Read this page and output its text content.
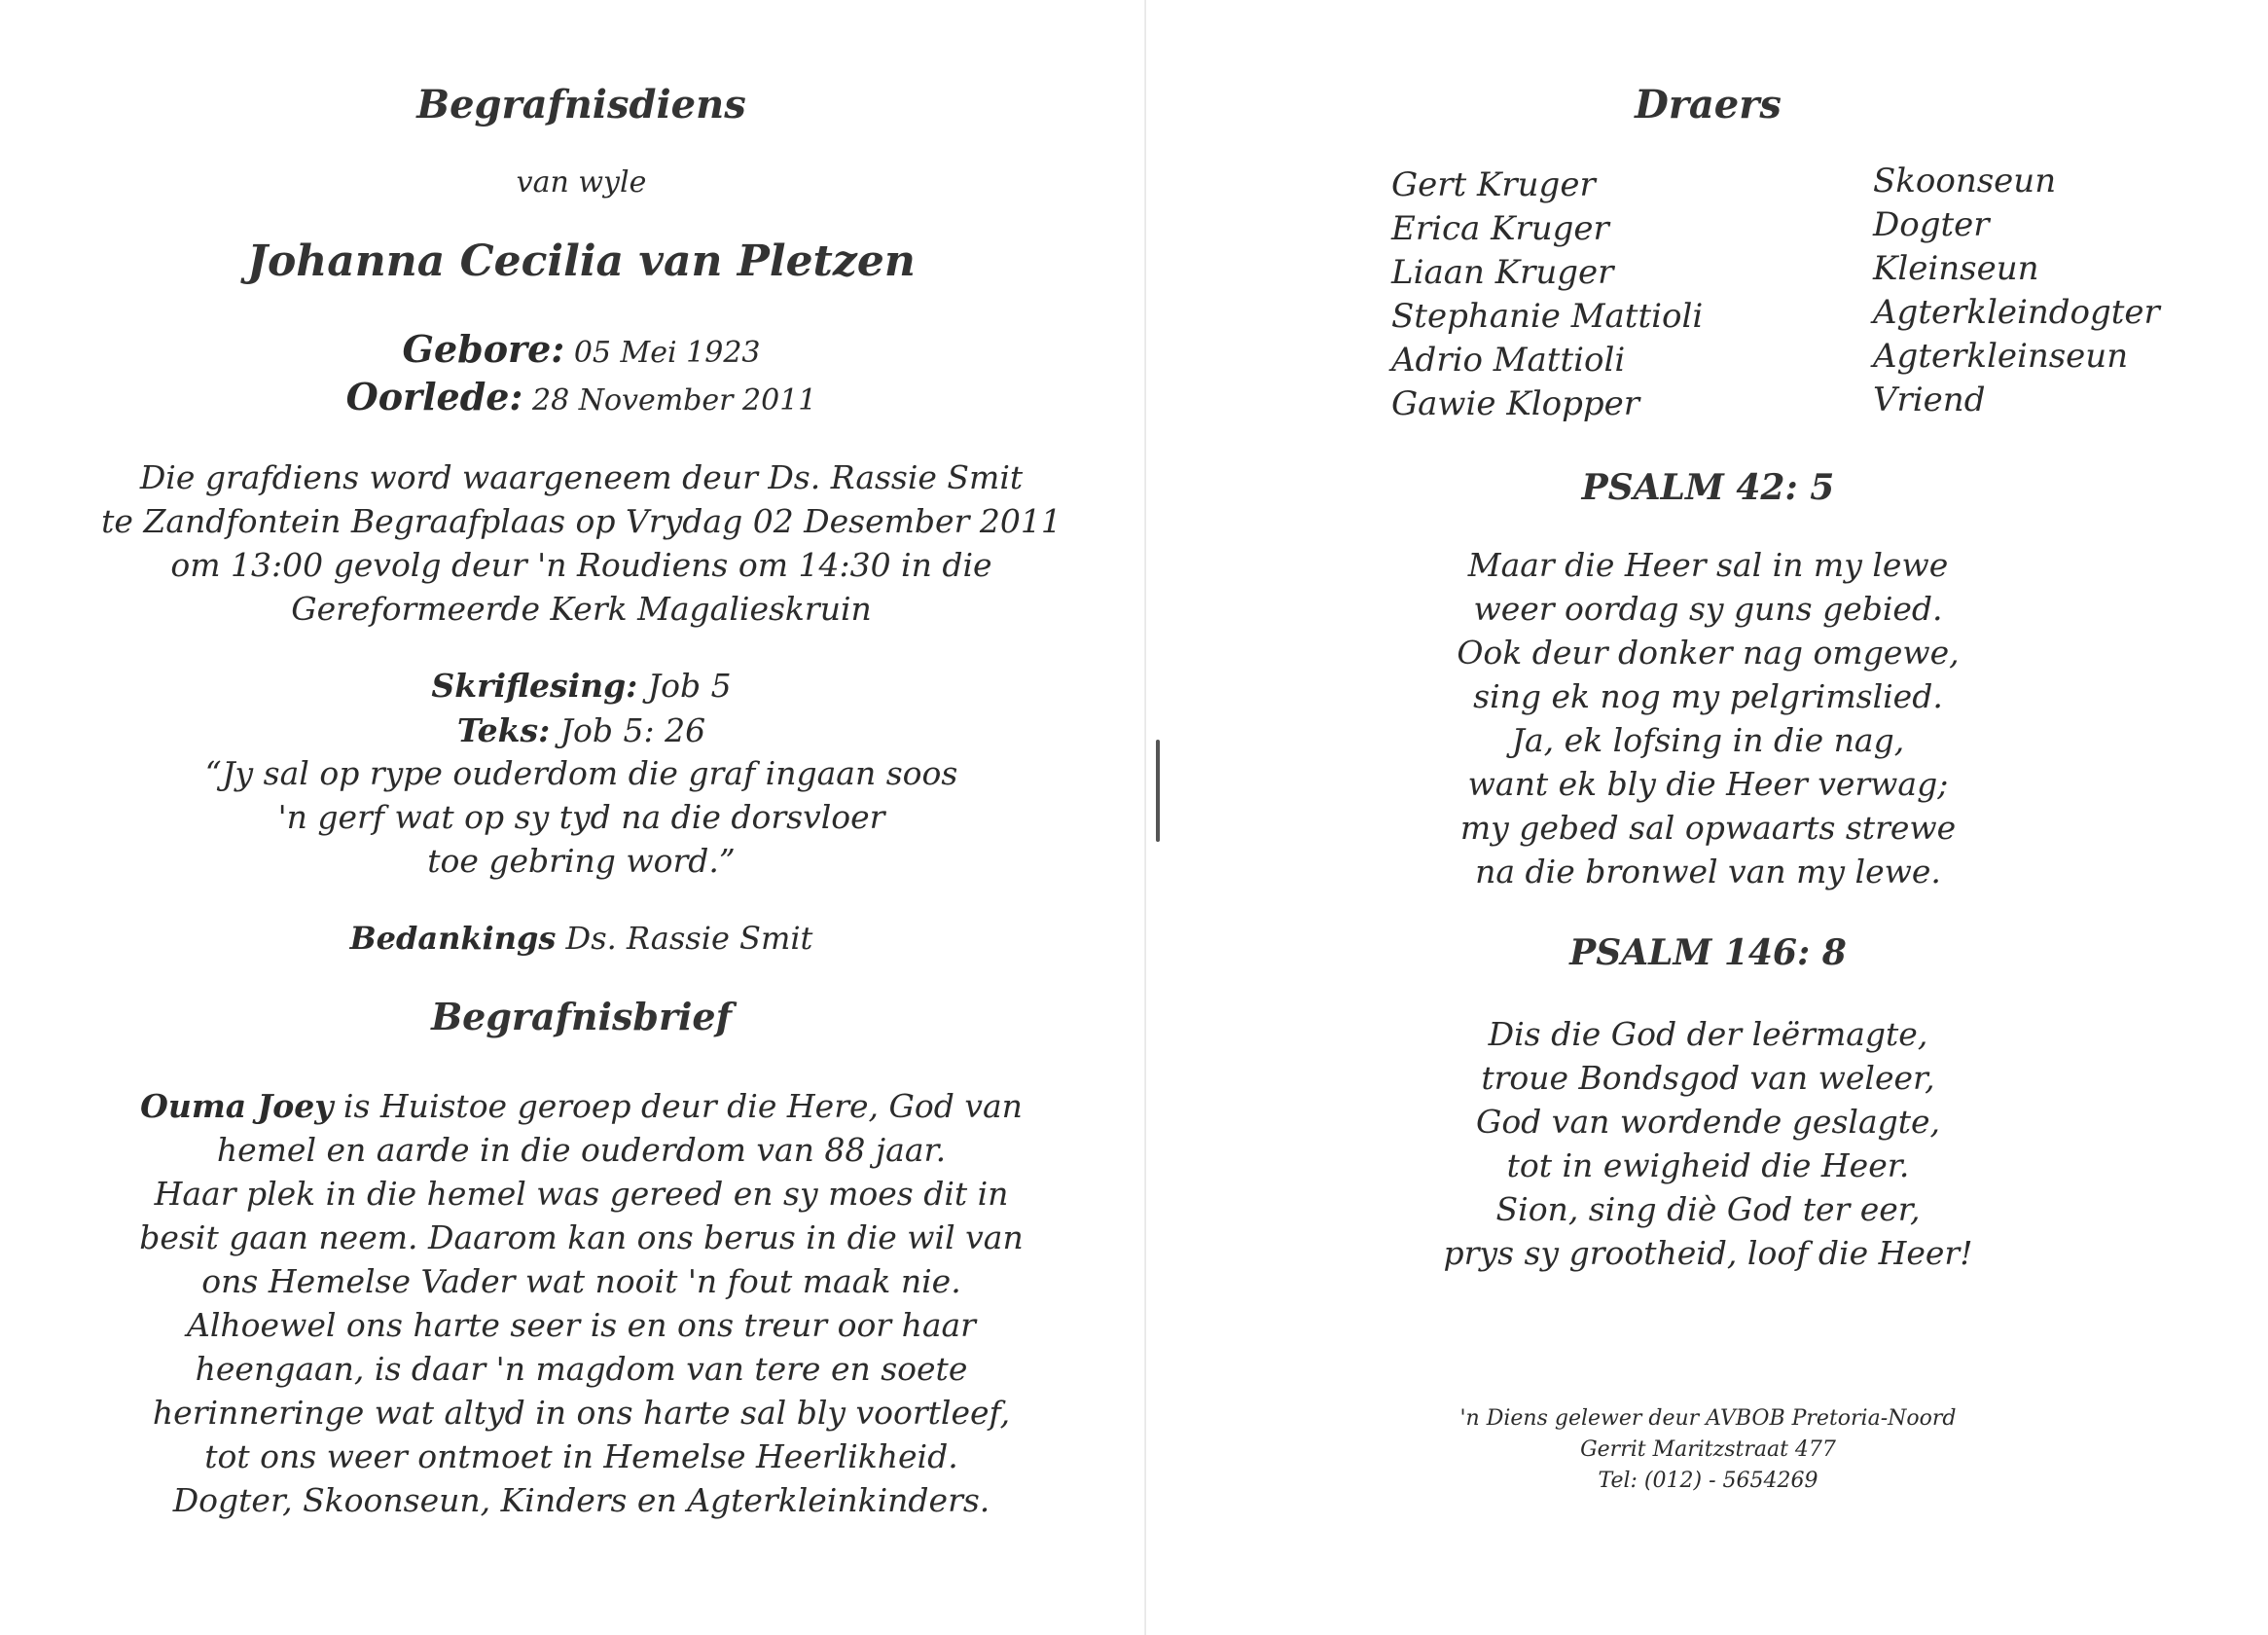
Begrafnisdiens
van wyle
Johanna Cecilia van Pletzen
Gebore: 05 Mei 1923
Oorlede: 28 November 2011
Die grafdiens word waargeneem deur Ds. Rassie Smit
te Zandfontein Begraafplaas op Vrydag 02 Desember 2011
om 13:00 gevolg deur 'n Roudiens om 14:30 in die
Gereformeerde Kerk Magalieskruin
Skriflesing: Job 5
Teks: Job 5: 26
“Jy sal op rype ouderdom die graf ingaan soos
'n gerf wat op sy tyd na die dorsvloer
toe gebring word.”
Bedankings Ds. Rassie Smit
Begrafnisbrief
Ouma Joey is Huistoe geroep deur die Here, God van
hemel en aarde in die ouderdom van 88 jaar.
Haar plek in die hemel was gereed en sy moes dit in
besit gaan neem. Daarom kan ons berus in die wil van
ons Hemelse Vader wat nooit 'n fout maak nie.
Alhoewel ons harte seer is en ons treur oor haar
heengaan, is daar 'n magdom van tere en soete
herinneringe wat altyd in ons harte sal bly voortleef,
tot ons weer ontmoet in Hemelse Heerlikheid.
Dogter, Skoonseun, Kinders en Agterkleinkinders.
Draers
Gert Kruger
Erica Kruger
Liaan Kruger
Stephanie Mattioli
Adrio Mattioli
Gawie Klopper
Skoonseun
Dogter
Kleinseun
Agterkleindogter
Agterkleinseun
Vriend
PSALM 42: 5
Maar die Heer sal in my lewe
weer oordag sy guns gebied.
Ook deur donker nag omgewe,
sing ek nog my pelgrimslied.
Ja, ek lofsing in die nag,
want ek bly die Heer verwag;
my gebed sal opwaarts strewe
na die bronwel van my lewe.
PSALM 146: 8
Dis die God der leërmagte,
troue Bondsgod van weleer,
God van wordende geslagte,
tot in ewigheid die Heer.
Sion, sing diè God ter eer,
prys sy grootheid, loof die Heer!
'n Diens gelewer deur AVBOB Pretoria-Noord
Gerrit Maritzstraat 477
Tel: (012) - 5654269
